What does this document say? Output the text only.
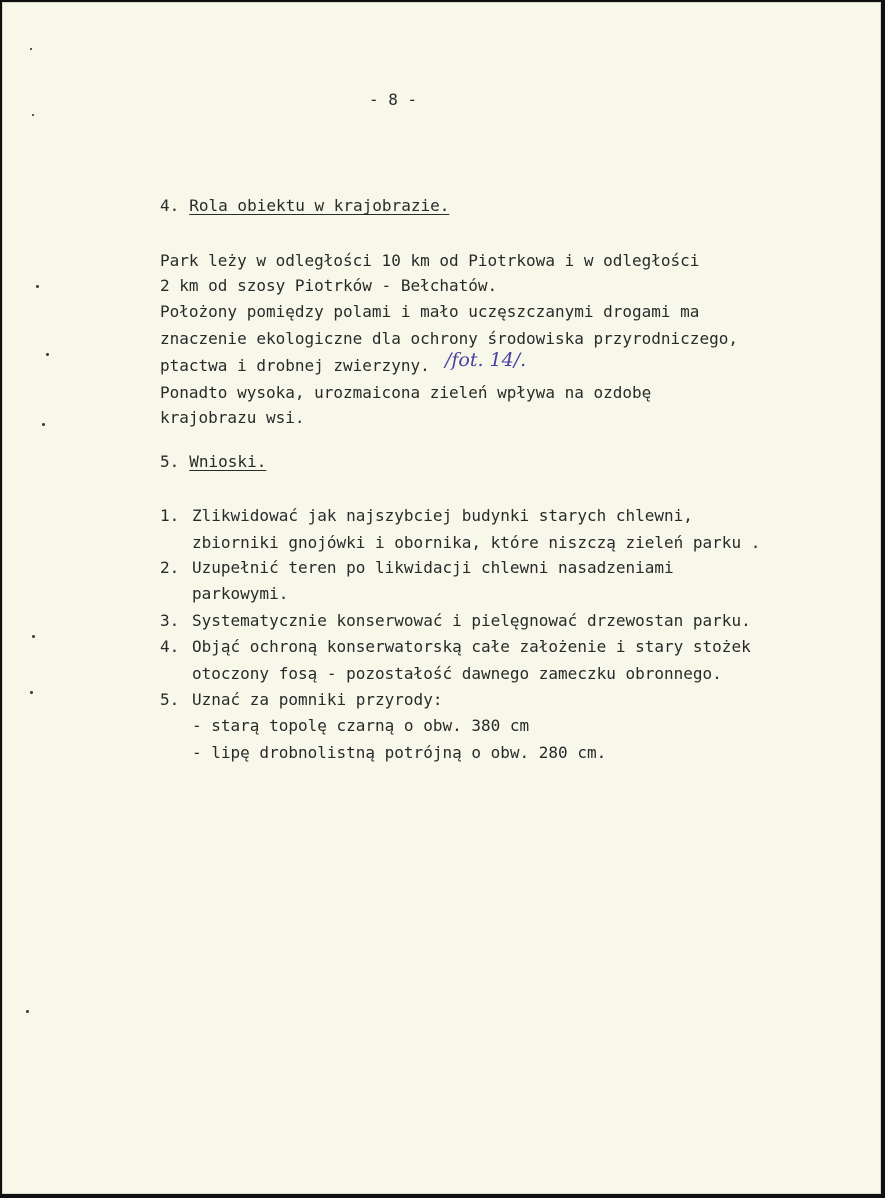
- 8 -

4. Rola obiektu w krajobrazie.

Park leży w odległości 10 km od Piotrkowa i w odległości

2 km od szosy Piotrków - Bełchatów.

Położony pomiędzy polami i mało uczęszczanymi drogami ma

znaczenie ekologiczne dla ochrony środowiska przyrodniczego,

ptactwa i drobnej zwierzyny. /fot. 14/.

Ponadto wysoka, urozmaicona zieleń wpływa na ozdobę

krajobrazu wsi.

5. Wnioski.

1. Zlikwidować jak najszybciej budynki starych chlewni,

zbiorniki gnojówki i obornika, które niszczą zieleń parku .

2. Uzupełnić teren po likwidacji chlewni nasadzeniami

parkowymi.

3. Systematycznie konserwować i pielęgnować drzewostan parku.

4. Objąć ochroną konserwatorską całe założenie i stary stożek

otoczony fosą - pozostałość dawnego zameczku obronnego.

5. Uznać za pomniki przyrody:

- starą topolę czarną o obw. 380 cm

- lipę drobnolistną potrójną o obw. 280 cm.
